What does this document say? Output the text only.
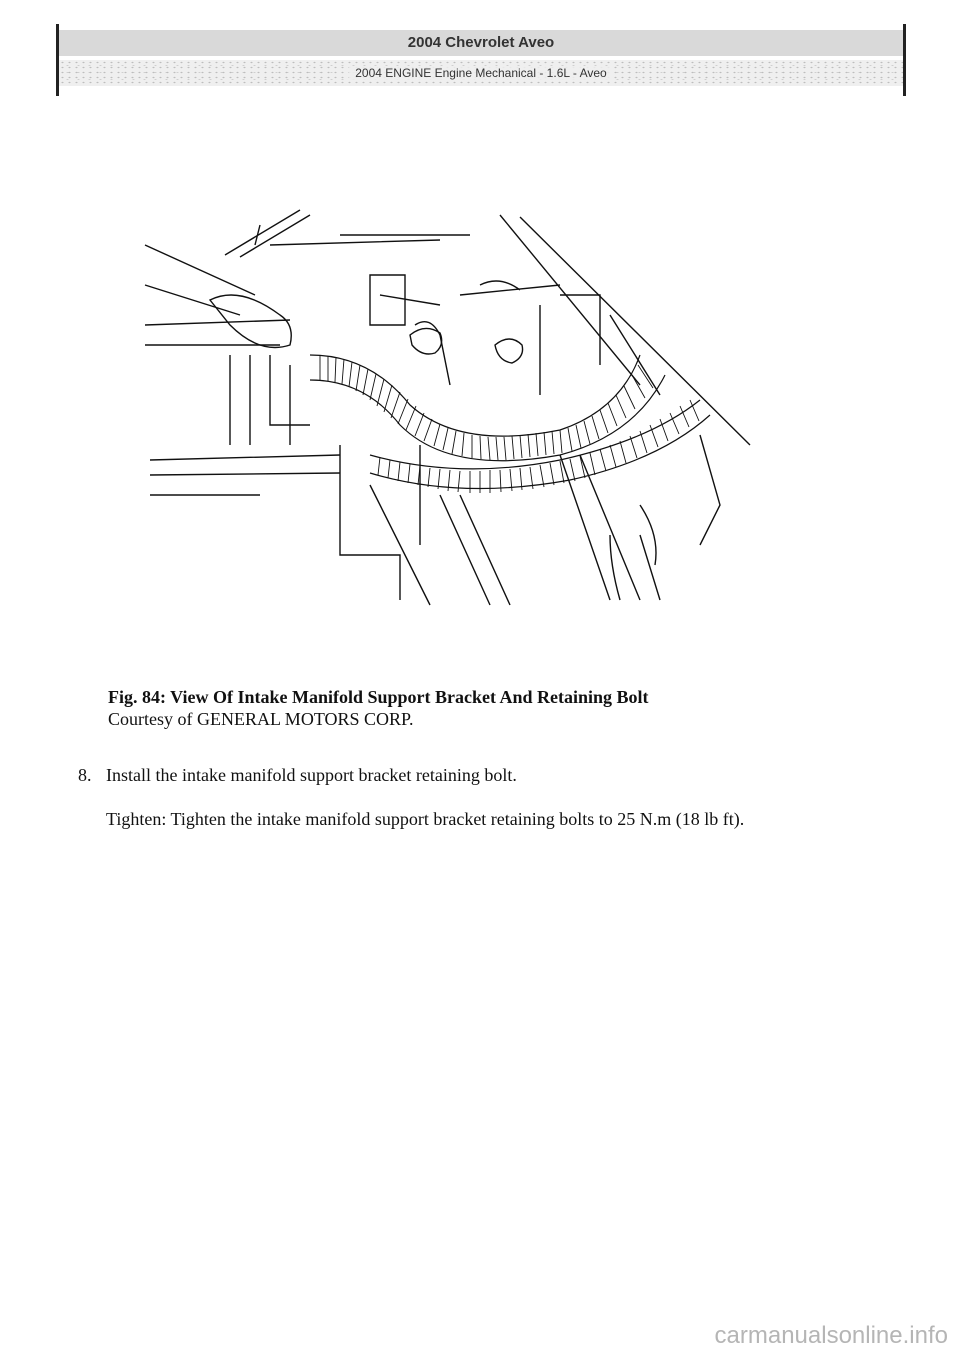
2004 Chevrolet Aveo
2004 ENGINE Engine Mechanical - 1.6L - Aveo
Fig. 84: View Of Intake Manifold Support Bracket And Retaining Bolt
Courtesy of GENERAL MOTORS CORP.
8. Install the intake manifold support bracket retaining bolt.
Tighten: Tighten the intake manifold support bracket retaining bolts to 25 N.m (18 lb ft).
carmanualsonline.info
